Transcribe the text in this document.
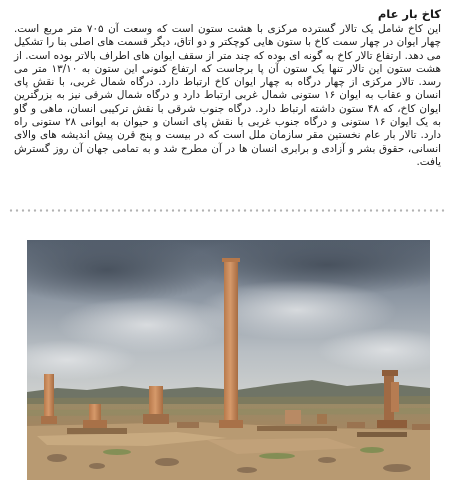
کاخ بار عام

این کاخ شامل یک تالار گسترده مرکزی با هشت ستون است که وسعت آن ۷۰۵ متر مربع است. چهار ایوان در چهار سمت کاخ با ستون هایی کوچکتر و دو اتاق، دیگر قسمت های اصلی بنا را تشکیل می دهد. ارتفاع تالار کاخ به گونه ای بوده که چند متر از سقف ایوان های اطراف بالاتر بوده است. از هشت ستون این تالار تنها یک ستون آن پا برجاست که ارتفاع کنونی این ستون به ۱۳/۱۰ متر می رسد. تالار مرکزی از چهار درگاه به چهار ایوان کاخ ارتباط دارد. درگاه شمال غربی، با نقش پای انسان و عقاب به ایوان ۱۶ ستونی شمال غربی ارتباط دارد و درگاه شمال شرقی نیز به بزرگترین ایوان کاخ، که ۴۸ ستون داشته ارتباط دارد. درگاه جنوب شرقی با نقش ترکیبی انسان، ماهی و گاو به یک ایوان ۱۶ ستونی و درگاه جنوب غربی با نقش پای انسان و حیوان به ایوانی ۲۸ ستونی راه دارد. تالار بار عام نخستین مقر سازمان ملل است که در بیست و پنج قرن پیش اندیشه های والای انسانی، حقوق بشر و آزادی و برابری انسان ها در آن مطرح شد و به تمامی جهان آن روز گسترش یافت.
